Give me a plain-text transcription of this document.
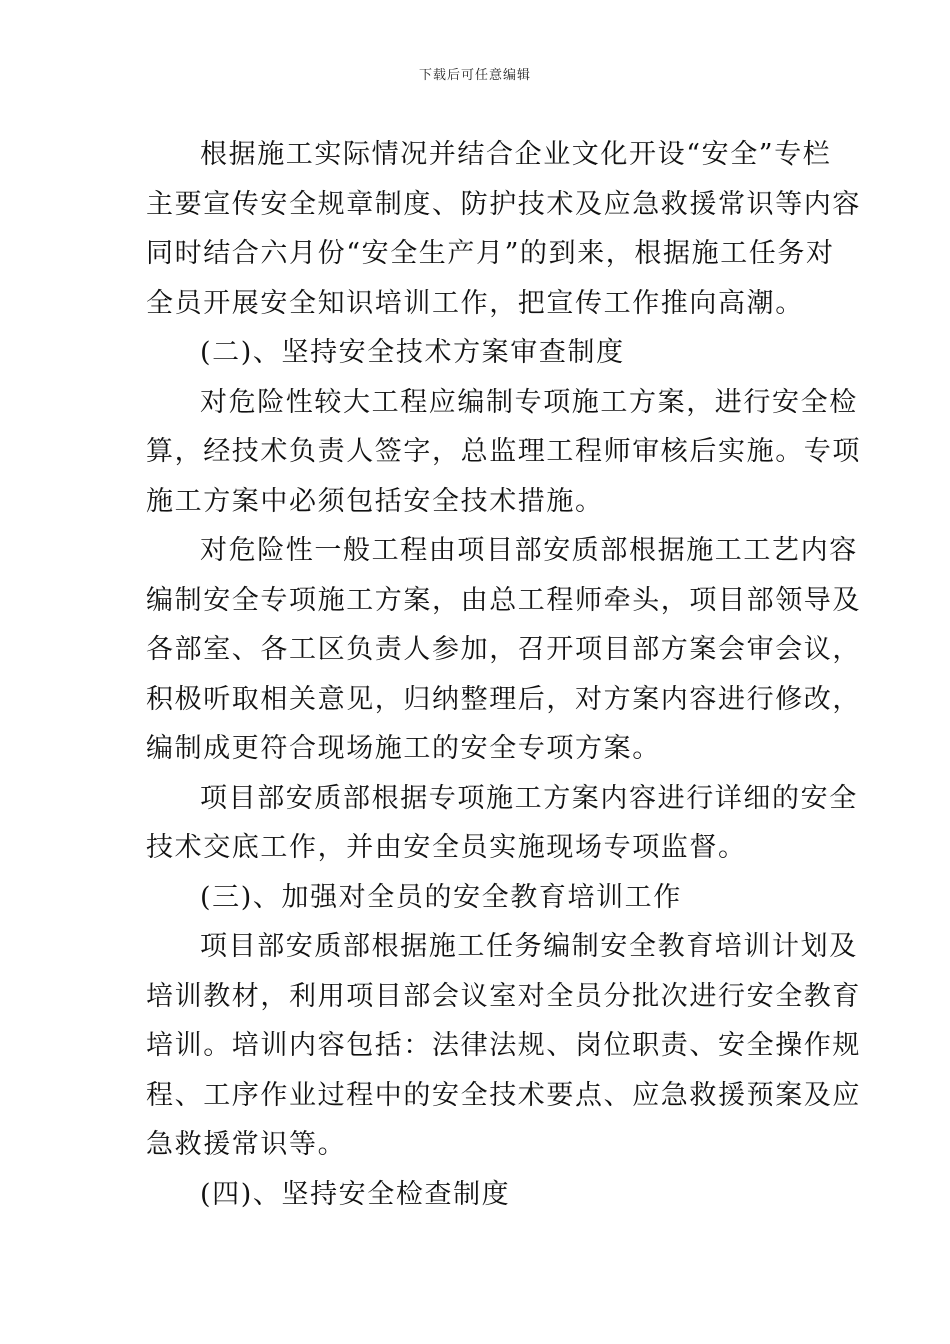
下载后可任意编辑
根据施工实际情况并结合企业文化开设“安全”专栏
主要宣传安全规章制度、防护技术及应急救援常识等内容
同时结合六月份“安全生产月”的到来，根据施工任务对
全员开展安全知识培训工作，把宣传工作推向高潮。
(二)、坚持安全技术方案审查制度
对危险性较大工程应编制专项施工方案，进行安全检
算，经技术负责人签字，总监理工程师审核后实施。专项
施工方案中必须包括安全技术措施。
对危险性一般工程由项目部安质部根据施工工艺内容
编制安全专项施工方案，由总工程师牵头，项目部领导及
各部室、各工区负责人参加，召开项目部方案会审会议，
积极听取相关意见，归纳整理后，对方案内容进行修改，
编制成更符合现场施工的安全专项方案。
项目部安质部根据专项施工方案内容进行详细的安全
技术交底工作，并由安全员实施现场专项监督。
(三)、加强对全员的安全教育培训工作
项目部安质部根据施工任务编制安全教育培训计划及
培训教材，利用项目部会议室对全员分批次进行安全教育
培训。培训内容包括：法律法规、岗位职责、安全操作规
程、工序作业过程中的安全技术要点、应急救援预案及应
急救援常识等。
(四)、坚持安全检查制度
